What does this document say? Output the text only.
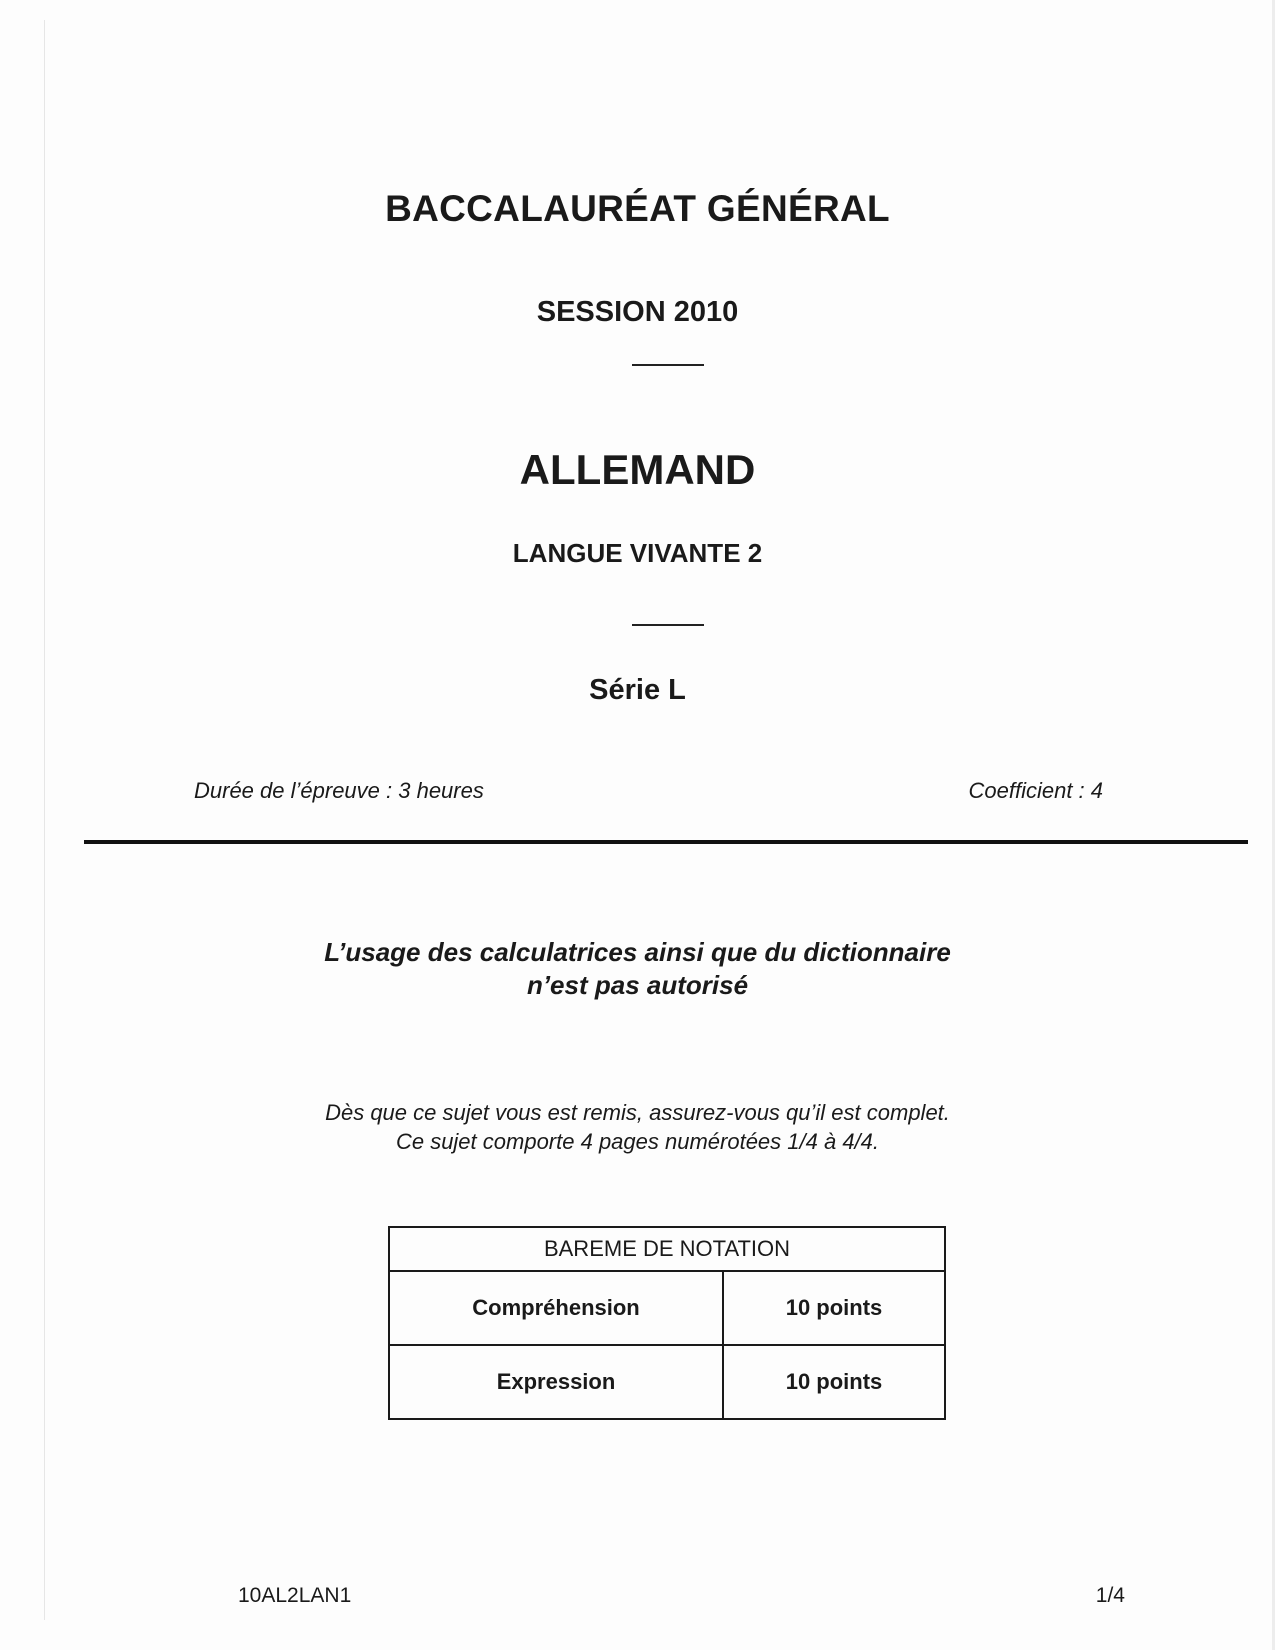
BACCALAURÉAT GÉNÉRAL
SESSION 2010
ALLEMAND
LANGUE VIVANTE 2
Série L
Durée de l’épreuve : 3 heures	Coefficient : 4
L’usage des calculatrices ainsi que du dictionnaire
n’est pas autorisé
Dès que ce sujet vous est remis, assurez-vous qu’il est complet.
Ce sujet comporte 4 pages numérotées 1/4 à 4/4.
BAREME DE NOTATION	
Compréhension	10 points
Expression	10 points
10AL2LAN1	1/4
